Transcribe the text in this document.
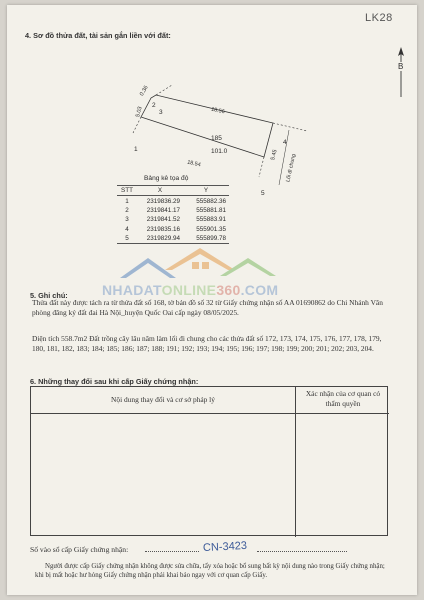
LK28
4. Sơ đồ thửa đất, tài sản gắn liền với đất:
B
0.36
5.03	18.56
185
101.0
18.54
5.45 Lối đi chung
1
2
3
4
5
Bảng kê tọa độ
STT	X	Y
1	2319836.29	555882.36
2	2319841.17	555881.81
3	2319841.52	555883.91
4	2319835.16	555901.35
5	2319829.94	555899.78
NHADATONLINE360.COM
5. Ghi chú:
Thửa đất này được tách ra từ thửa đất số 168, tờ bản đồ số 32 từ Giấy chứng nhận số AA 01690862 do Chi Nhánh Văn phòng đăng ký đất đai Hà Nội_huyện Quốc Oai cấp ngày 08/05/2025.
Diện tích 558.7m2 Đất trồng cây lâu năm làm lối đi chung cho các thửa đất số 172, 173, 174, 175, 176, 177, 178, 179, 180, 181, 182, 183; 184; 185; 186; 187; 188; 191; 192; 193; 194; 195; 196; 197; 198; 199; 200; 201; 202; 203, 204.
6. Những thay đổi sau khi cấp Giấy chứng nhận:
Nội dung thay đổi và cơ sở pháp lý
Xác nhận của cơ quan có thẩm quyền
Số vào sổ cấp Giấy chứng nhận:	CN-3423
Người được cấp Giấy chứng nhận không được sửa chữa, tẩy xóa hoặc bổ sung bất kỳ nội dung nào trong Giấy chứng nhận; khi bị mất hoặc hư hỏng Giấy chứng nhận phải khai báo ngay với cơ quan cấp Giấy.
